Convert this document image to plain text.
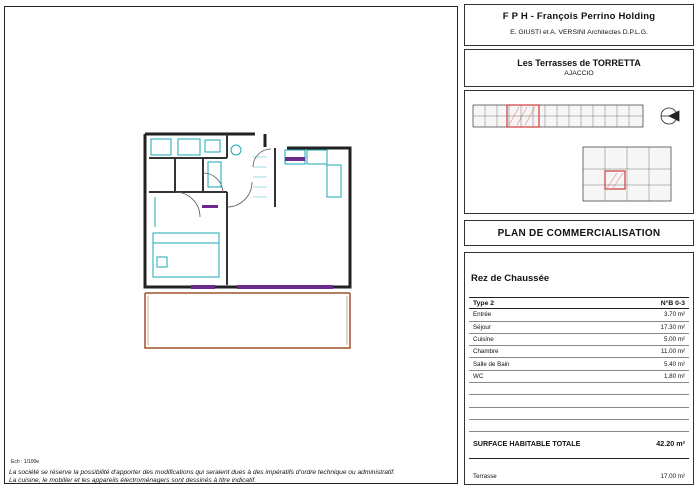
Ech : 1/100e
La société se réserve la possibilité d'apporter des modifications qui seraient dues à des impératifs d'ordre technique ou administratif.
La cuisine, le mobilier et les appareils électroménagers sont dessinés à titre indicatif.
F P H - François Perrino Holding
E. GIUSTI et A. VERSINI Architectes D.P.L.G.
Les Terrasses de TORRETTA
AJACCIO
PLAN DE COMMERCIALISATION
Rez de Chaussée
Type 2	N°B 0-3
Entrée	3.70 m²
Séjour	17.30 m²
Cuisine	5.00 m²
Chambre	11.00 m²
Salle de Bain	5.40 m²
WC	1.80 m²
SURFACE HABITABLE TOTALE	42.20 m²
Terrasse	17.00 m²
